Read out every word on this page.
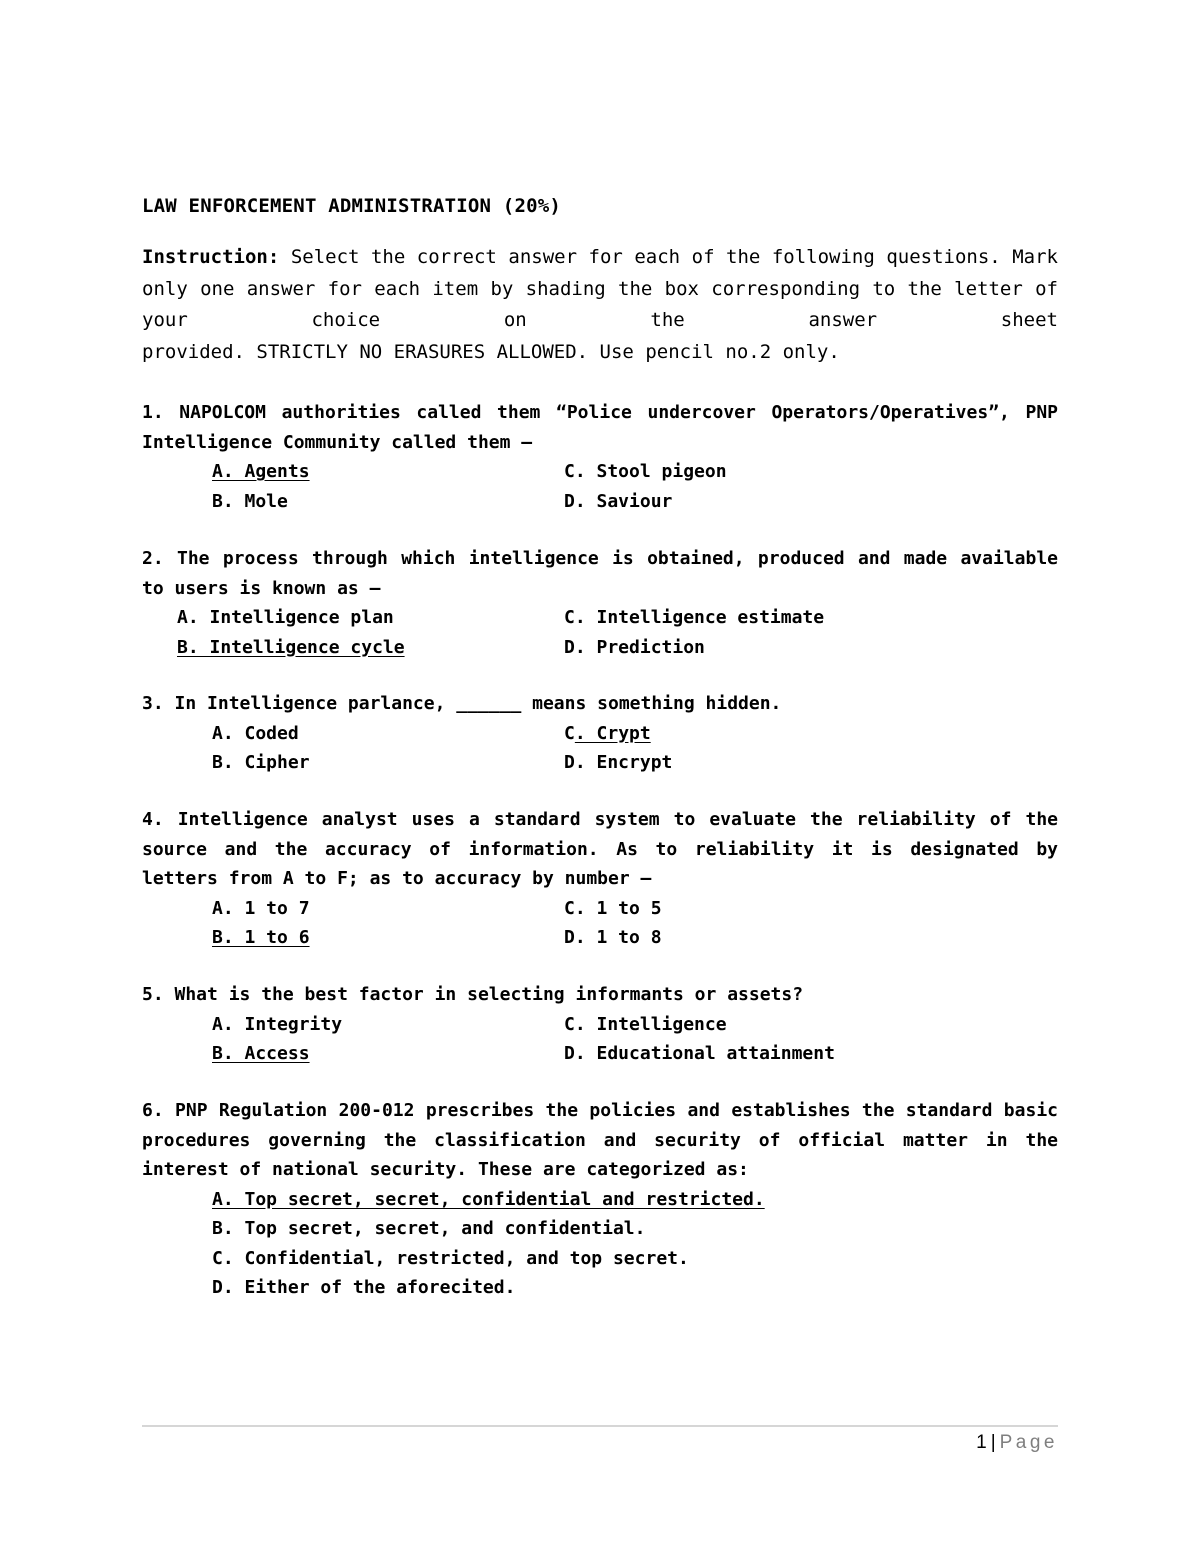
LAW ENFORCEMENT ADMINISTRATION (20%)
Instruction: Select the correct answer for each of the following questions. Mark only one answer for each item by shading the box corresponding to the letter of your choice on the answer sheet
provided. STRICTLY NO ERASURES ALLOWED. Use pencil no.2 only.
1. NAPOLCOM authorities called them “Police undercover Operators/Operatives”, PNP Intelligence Community called them –
A. Agents	C. Stool pigeon
B. Mole	D. Saviour
2. The process through which intelligence is obtained, produced and made available to users is known as –
A. Intelligence plan	C. Intelligence estimate
B. Intelligence cycle	D. Prediction
3. In Intelligence parlance, ______ means something hidden.
A. Coded	C. Crypt
B. Cipher	D. Encrypt
4. Intelligence analyst uses a standard system to evaluate the reliability of the source and the accuracy of information. As to reliability it is designated by letters from A to F; as to accuracy by number –
A. 1 to 7	C. 1 to 5
B. 1 to 6	D. 1 to 8
5. What is the best factor in selecting informants or assets?
A. Integrity	C. Intelligence
B. Access	D. Educational attainment
6. PNP Regulation 200-012 prescribes the policies and establishes the standard basic procedures governing the classification and security of official matter in the interest of national security. These are categorized as:
A. Top secret, secret, confidential and restricted.
B. Top secret, secret, and confidential.
C. Confidential, restricted, and top secret.
D. Either of the aforecited.
1 | Page
